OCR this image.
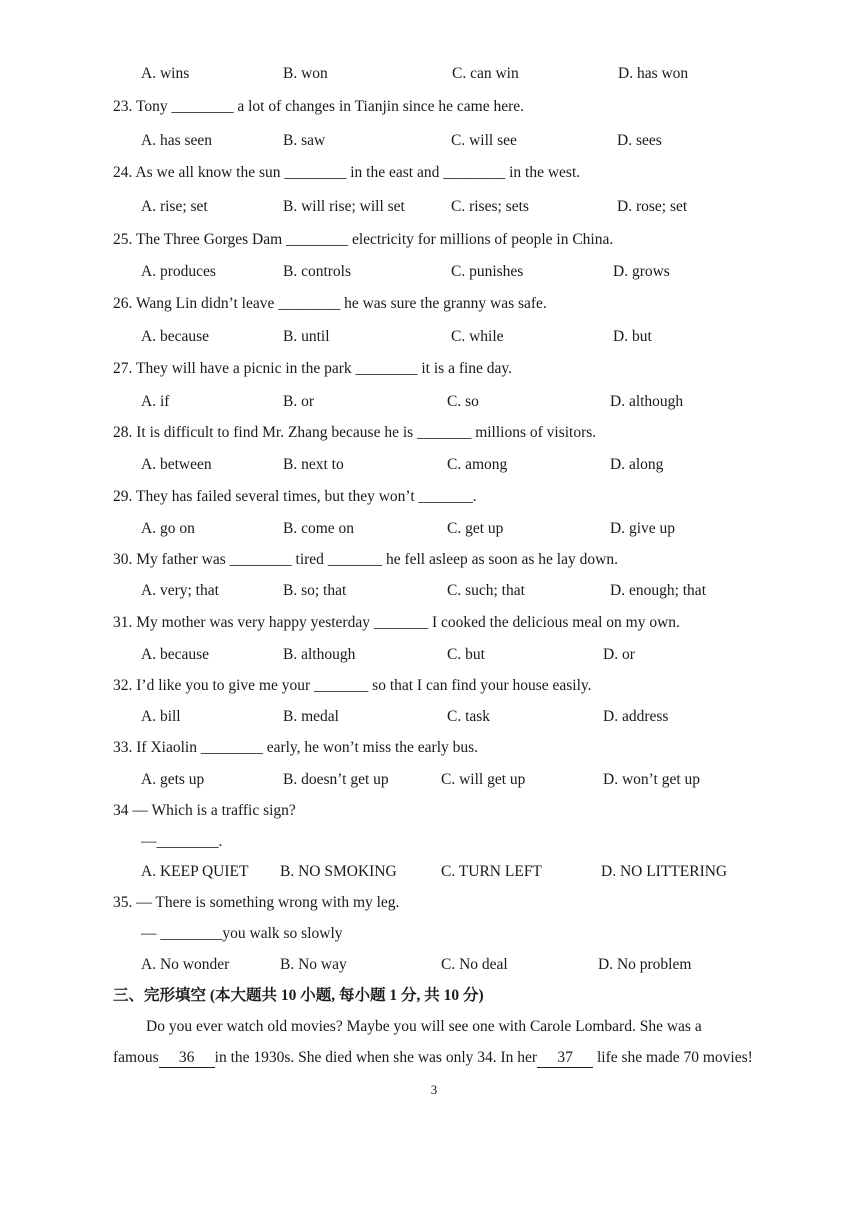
A. wins	B. won	C. can win	D. has won
23. Tony ________ a lot of changes in Tianjin since he came here.
A. has seen	B. saw	C. will see	D. sees
24. As we all know the sun ________ in the east and ________ in the west.
A. rise; set	B. will rise; will set	C. rises; sets	D. rose; set
25. The Three Gorges Dam ________ electricity for millions of people in China.
A. produces	B. controls	C. punishes	D. grows
26. Wang Lin didn’t leave ________ he was sure the granny was safe.
A. because	B. until	C. while	D. but
27. They will have a picnic in the park ________ it is a fine day.
A. if	B. or	C. so	D. although
28. It is difficult to find Mr. Zhang because he is _______ millions of visitors.
A. between	B. next to	C. among	D. along
29. They has failed several times, but they won’t _______.
A. go on	B. come on	C. get up	D. give up
30. My father was ________ tired _______ he fell asleep as soon as he lay down.
A. very; that	B. so; that	C. such; that	D. enough; that
31. My mother was very happy yesterday _______ I cooked the delicious meal on my own.
A. because	B. although	C. but	D. or
32. I’d like you to give me your _______ so that I can find your house easily.
A. bill	B. medal	C. task	D. address
33. If Xiaolin ________ early, he won’t miss the early bus.
A. gets up	B. doesn’t get up	C. will get up	D. won’t get up
34 — Which is a traffic sign?
—________.
A. KEEP QUIET B. NO SMOKING	C. TURN LEFT	D. NO LITTERING
35. — There is something wrong with my leg.
— ________you walk so slowly
A. No wonder	B. No way	C. No deal	D. No problem
三、完形填空 (本大题共 10 小题, 每小题 1 分, 共 10 分)
Do you ever watch old movies? Maybe you will see one with Carole Lombard. She was a
famous 36 in the 1930s. She died when she was only 34. In her 37 life she made 70 movies!
3
